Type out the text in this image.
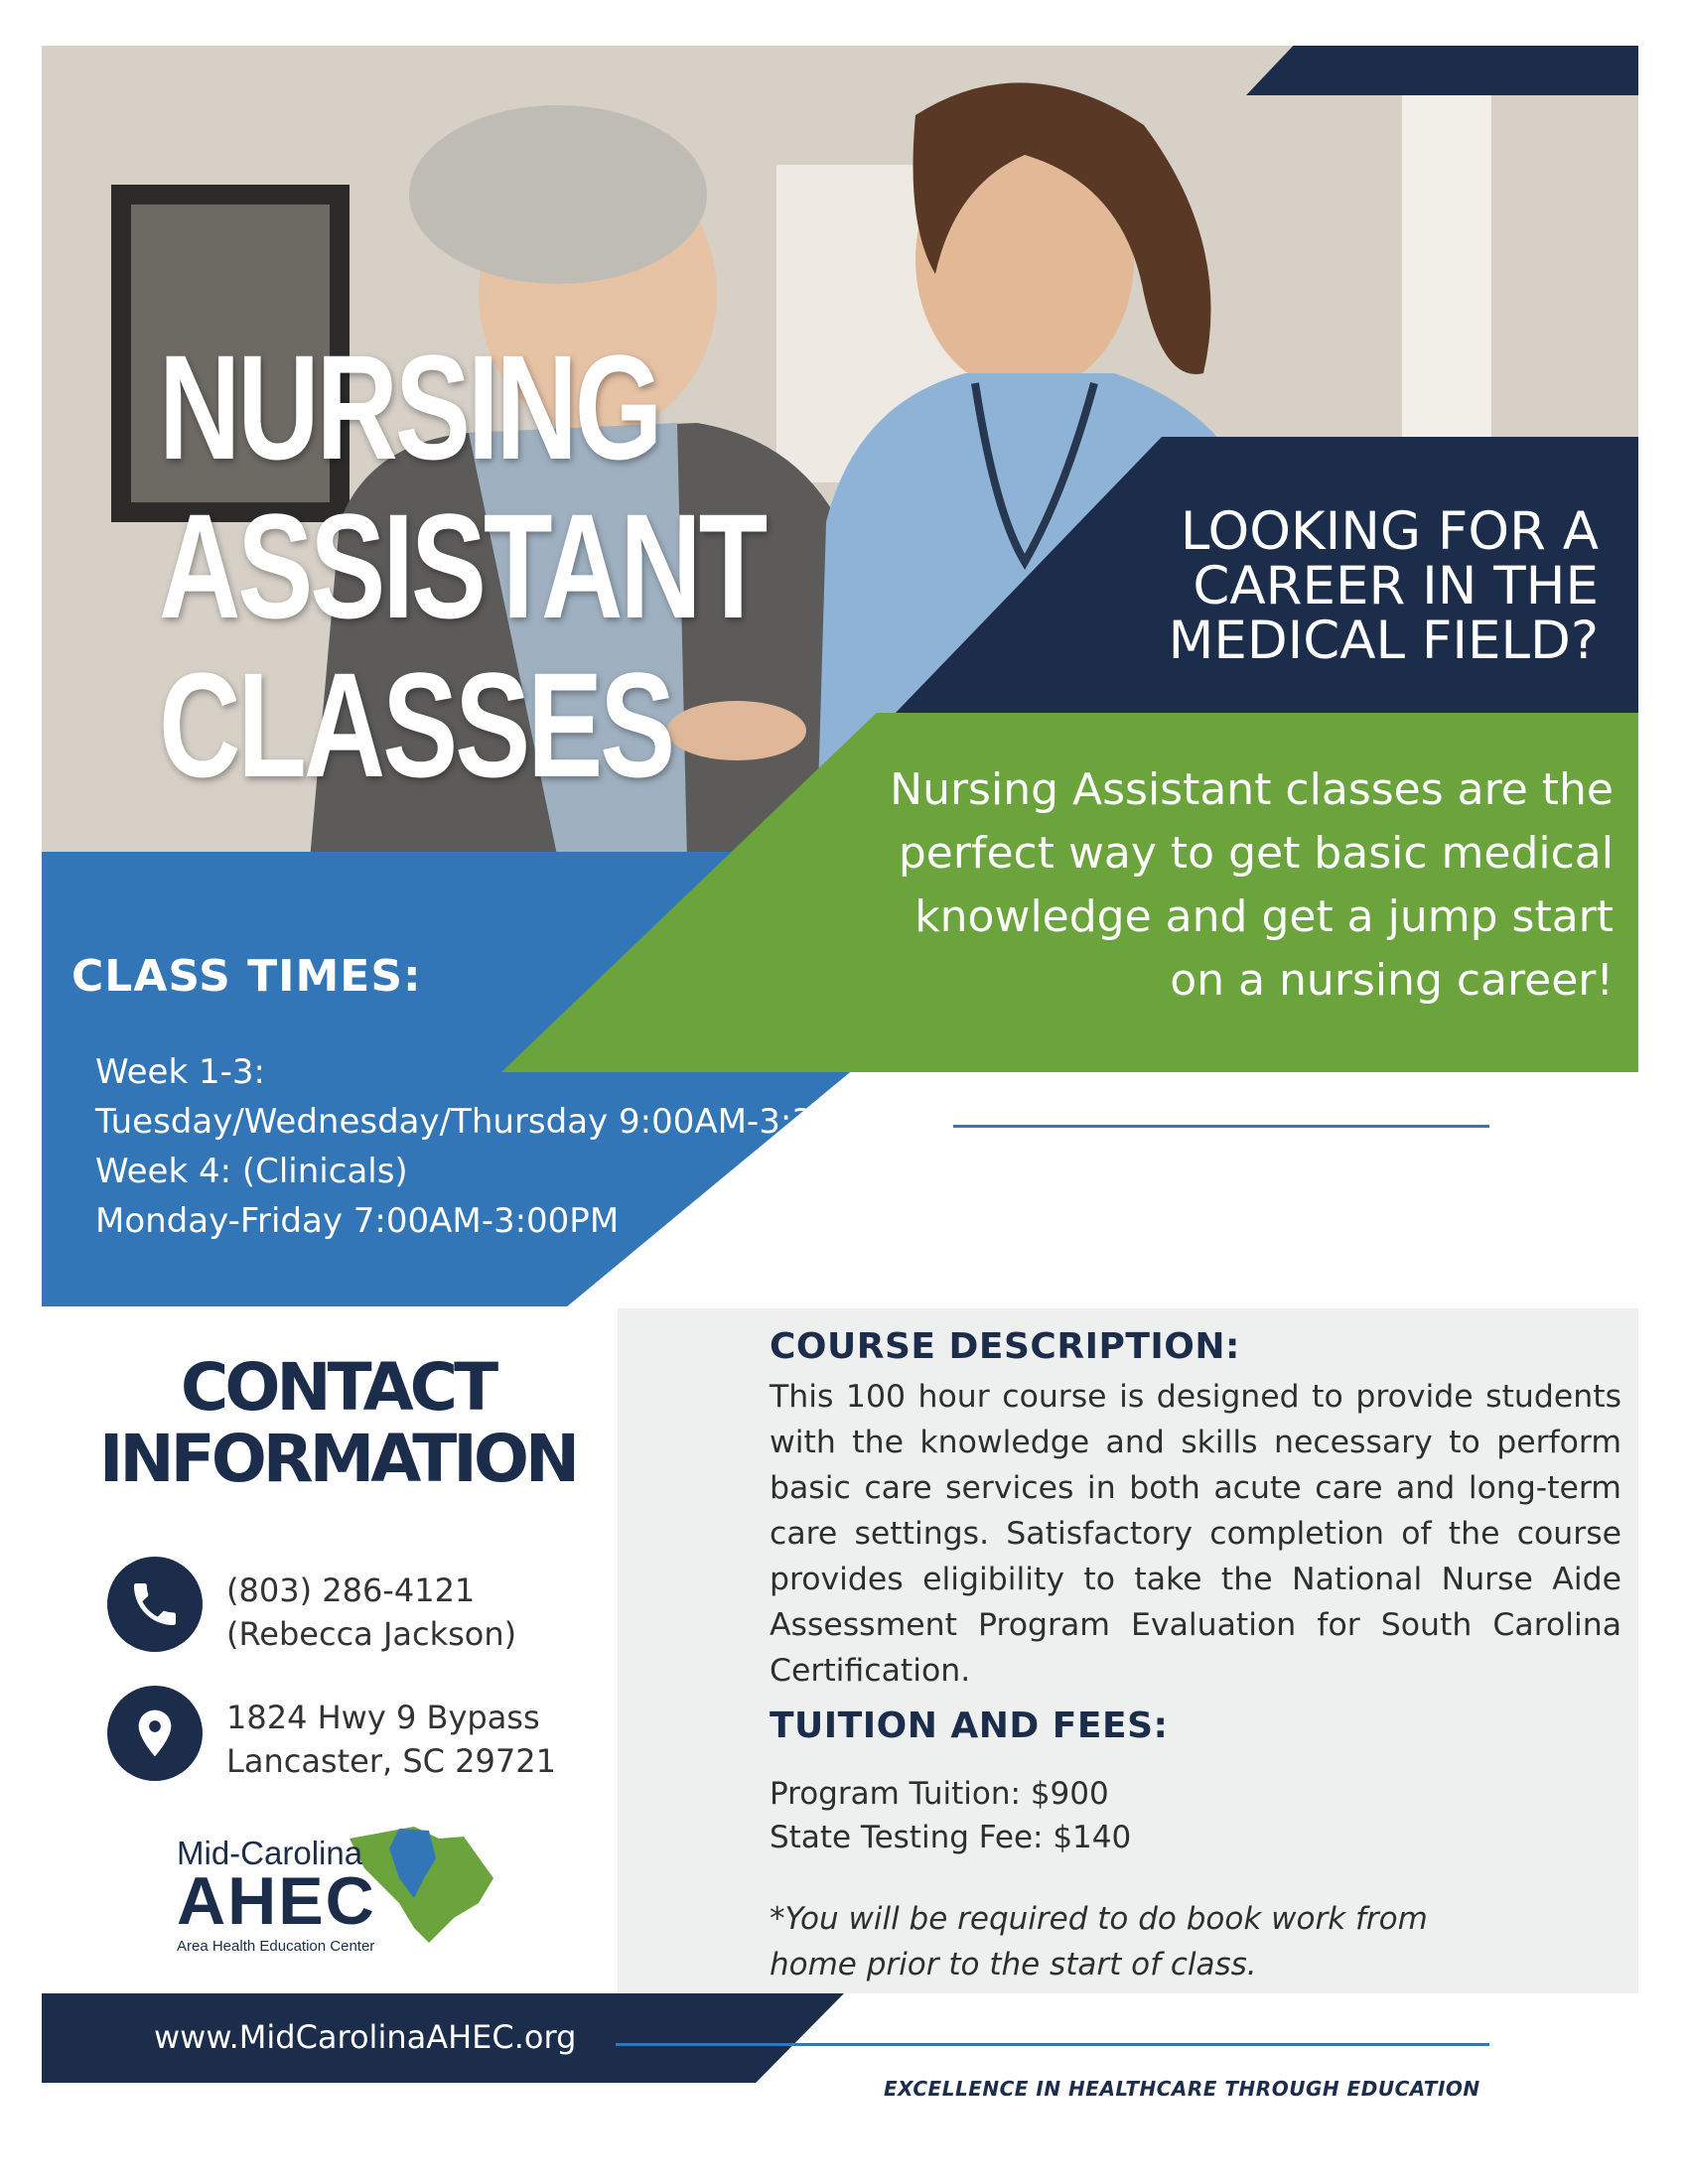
NURSING
ASSISTANT
CLASSES
LOOKING FOR A
CAREER IN THE
MEDICAL FIELD?
Nursing Assistant classes are the
perfect way to get basic medical
knowledge and get a jump start
on a nursing career!
CLASS TIMES:
Week 1-3:
Tuesday/Wednesday/Thursday 9:00AM-3:30PM
Week 4: (Clinicals)
Monday-Friday 7:00AM-3:00PM
CONTACT
INFORMATION
(803) 286-4121
(Rebecca Jackson)
1824 Hwy 9 Bypass
Lancaster, SC 29721
Mid-Carolina
AHEC
Area Health Education Center
COURSE DESCRIPTION:
This 100 hour course is designed to provide students with the knowledge and skills necessary to perform basic care services in both acute care and long-term care settings. Satisfactory completion of the course provides eligibility to take the National Nurse Aide Assessment Program Evaluation for South Carolina Certification.
TUITION AND FEES:
Program Tuition: $900
State Testing Fee: $140
*You will be required to do book work from home prior to the start of class.
www.MidCarolinaAHEC.org
EXCELLENCE IN HEALTHCARE THROUGH EDUCATION
